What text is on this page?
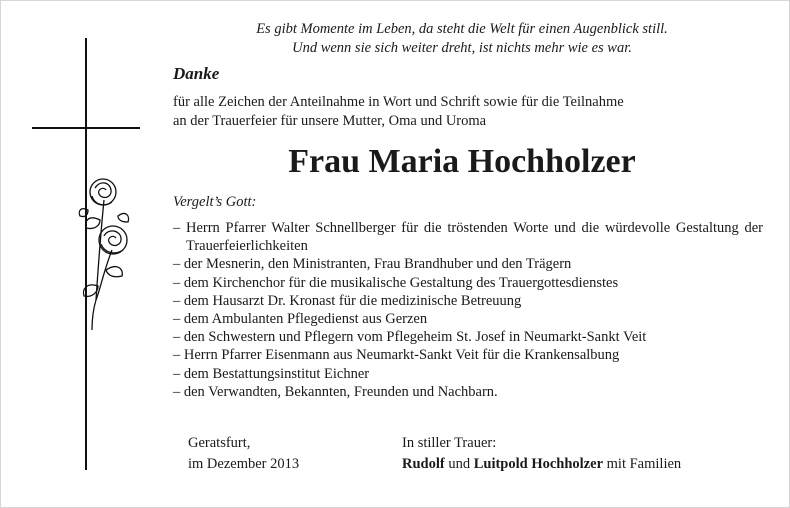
Es gibt Momente im Leben, da steht die Welt für einen Augenblick still.
Und wenn sie sich weiter dreht, ist nichts mehr wie es war.
Danke
für alle Zeichen der Anteilnahme in Wort und Schrift sowie für die Teilnahme
an der Trauerfeier für unsere Mutter, Oma und Uroma
Frau Maria Hochholzer
Vergelt’s Gott:
– Herrn Pfarrer Walter Schnellberger für die tröstenden Worte und die würdevolle Gestaltung der Trauerfeierlichkeiten
– der Mesnerin, den Ministranten, Frau Brandhuber und den Trägern
– dem Kirchenchor für die musikalische Gestaltung des Trauergottesdienstes
– dem Hausarzt Dr. Kronast für die medizinische Betreuung
– dem Ambulanten Pflegedienst aus Gerzen
– den Schwestern und Pflegern vom Pflegeheim St. Josef in Neumarkt-Sankt Veit
– Herrn Pfarrer Eisenmann aus Neumarkt-Sankt Veit für die Krankensalbung
– dem Bestattungsinstitut Eichner
– den Verwandten, Bekannten, Freunden und Nachbarn.
Geratsfurt,
im Dezember 2013
In stiller Trauer:
Rudolf und Luitpold Hochholzer mit Familien
